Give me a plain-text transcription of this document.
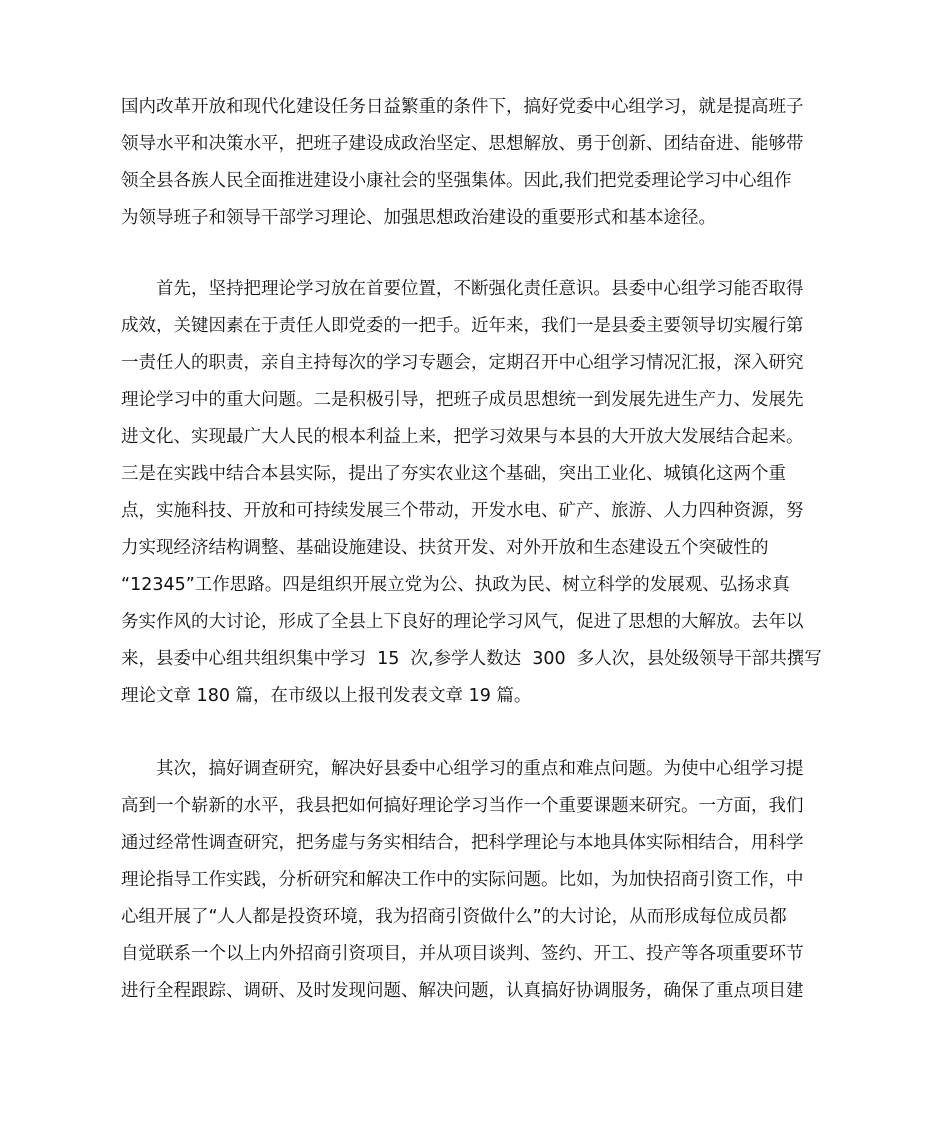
国内改革开放和现代化建设任务日益繁重的条件下，搞好党委中心组学习，就是提高班子
领导水平和决策水平，把班子建设成政治坚定、思想解放、勇于创新、团结奋进、能够带
领全县各族人民全面推进建设小康社会的坚强集体。因此,我们把党委理论学习中心组作
为领导班子和领导干部学习理论、加强思想政治建设的重要形式和基本途径。
首先，坚持把理论学习放在首要位置，不断强化责任意识。县委中心组学习能否取得
成效，关键因素在于责任人即党委的一把手。近年来，我们一是县委主要领导切实履行第
一责任人的职责，亲自主持每次的学习专题会，定期召开中心组学习情况汇报，深入研究
理论学习中的重大问题。二是积极引导，把班子成员思想统一到发展先进生产力、发展先
进文化、实现最广大人民的根本利益上来，把学习效果与本县的大开放大发展结合起来。
三是在实践中结合本县实际，提出了夯实农业这个基础，突出工业化、城镇化这两个重
点，实施科技、开放和可持续发展三个带动，开发水电、矿产、旅游、人力四种资源，努
力实现经济结构调整、基础设施建设、扶贫开发、对外开放和生态建设五个突破性的
“12345”工作思路。四是组织开展立党为公、执政为民、树立科学的发展观、弘扬求真
务实作风的大讨论，形成了全县上下良好的理论学习风气，促进了思想的大解放。去年以
来，县委中心组共组织集中学习  15  次,参学人数达  300  多人次，县处级领导干部共撰写
理论文章 180 篇，在市级以上报刊发表文章 19 篇。
其次，搞好调查研究，解决好县委中心组学习的重点和难点问题。为使中心组学习提
高到一个崭新的水平，我县把如何搞好理论学习当作一个重要课题来研究。一方面，我们
通过经常性调查研究，把务虚与务实相结合，把科学理论与本地具体实际相结合，用科学
理论指导工作实践，分析研究和解决工作中的实际问题。比如，为加快招商引资工作，中
心组开展了“人人都是投资环境，我为招商引资做什么”的大讨论，从而形成每位成员都
自觉联系一个以上内外招商引资项目，并从项目谈判、签约、开工、投产等各项重要环节
进行全程跟踪、调研、及时发现问题、解决问题，认真搞好协调服务，确保了重点项目建
